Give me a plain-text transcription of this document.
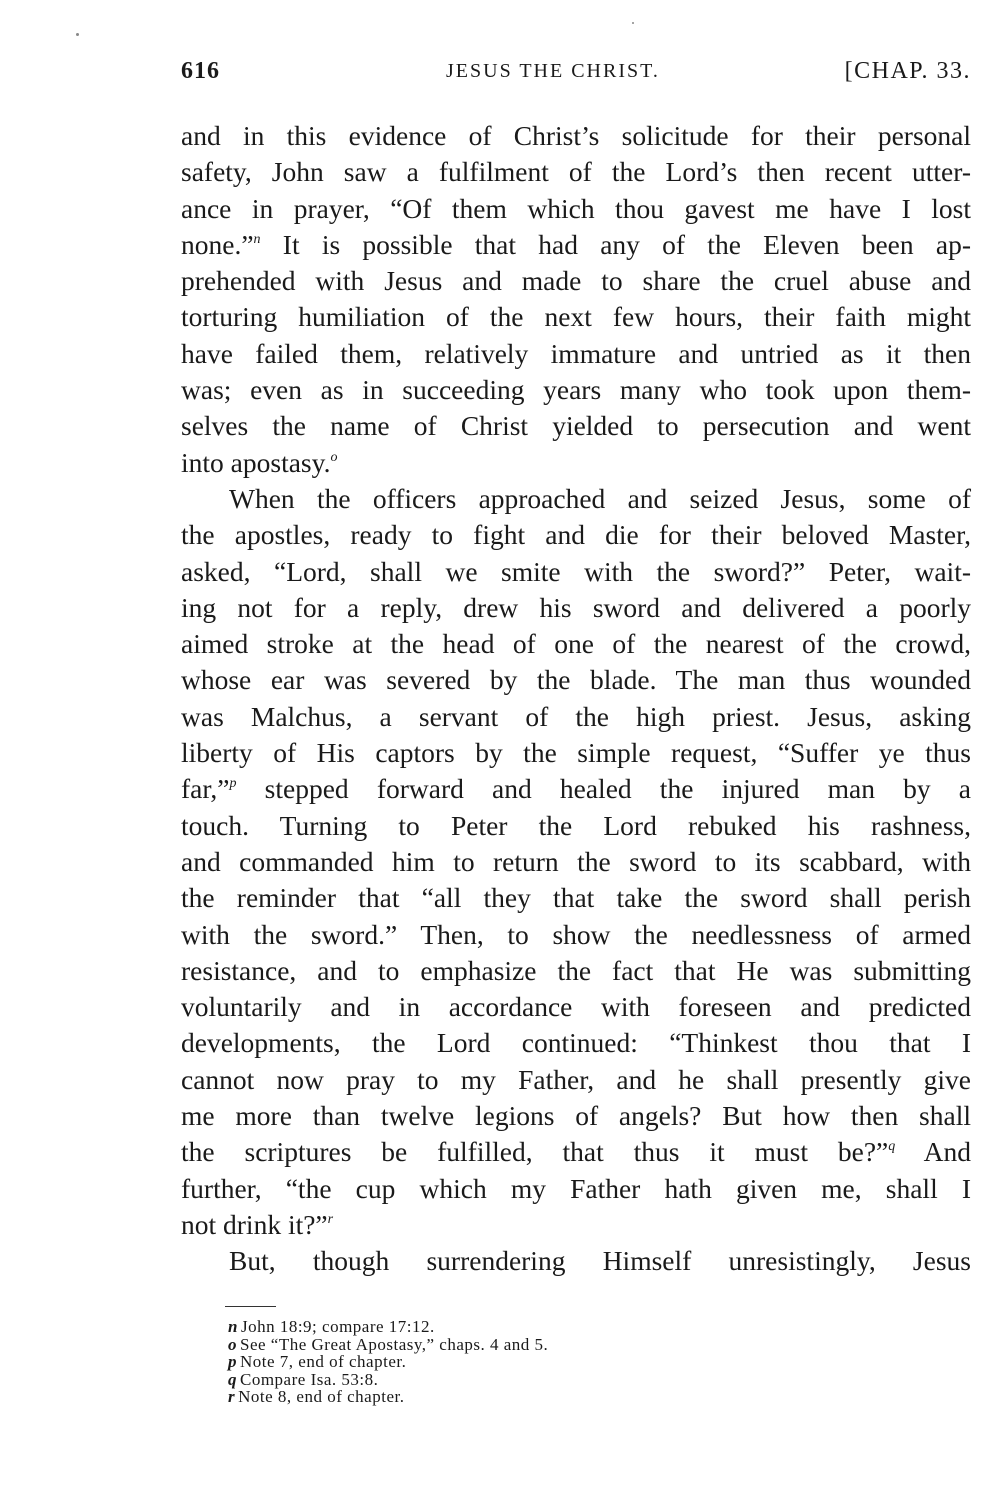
616	JESUS THE CHRIST.	[CHAP. 33.
and in this evidence of Christ’s solicitude for their personal
safety, John saw a fulfilment of the Lord’s then recent utter-
ance in prayer, “Of them which thou gavest me have I lost
none.”$^n$ It is possible that had any of the Eleven been ap-
prehended with Jesus and made to share the cruel abuse and
torturing humiliation of the next few hours, their faith might
have failed them, relatively immature and untried as it then
was; even as in succeeding years many who took upon them-
selves the name of Christ yielded to persecution and went
into apostasy.$^o$
When the officers approached and seized Jesus, some of
the apostles, ready to fight and die for their beloved Master,
asked, “Lord, shall we smite with the sword?” Peter, wait-
ing not for a reply, drew his sword and delivered a poorly
aimed stroke at the head of one of the nearest of the crowd,
whose ear was severed by the blade. The man thus wounded
was Malchus, a servant of the high priest. Jesus, asking
liberty of His captors by the simple request, “Suffer ye thus
far,”$^p$ stepped forward and healed the injured man by a
touch. Turning to Peter the Lord rebuked his rashness,
and commanded him to return the sword to its scabbard, with
the reminder that “all they that take the sword shall perish
with the sword.” Then, to show the needlessness of armed
resistance, and to emphasize the fact that He was submitting
voluntarily and in accordance with foreseen and predicted
developments, the Lord continued: “Thinkest thou that I
cannot now pray to my Father, and he shall presently give
me more than twelve legions of angels? But how then shall
the scriptures be fulfilled, that thus it must be?”$^q$ And
further, “the cup which my Father hath given me, shall I
not drink it?”$^r$
But, though surrendering Himself unresistingly, Jesus
n John 18:9; compare 17:12.
o See “The Great Apostasy,” chaps. 4 and 5.
p Note 7, end of chapter.
q Compare Isa. 53:8.
r Note 8, end of chapter.
